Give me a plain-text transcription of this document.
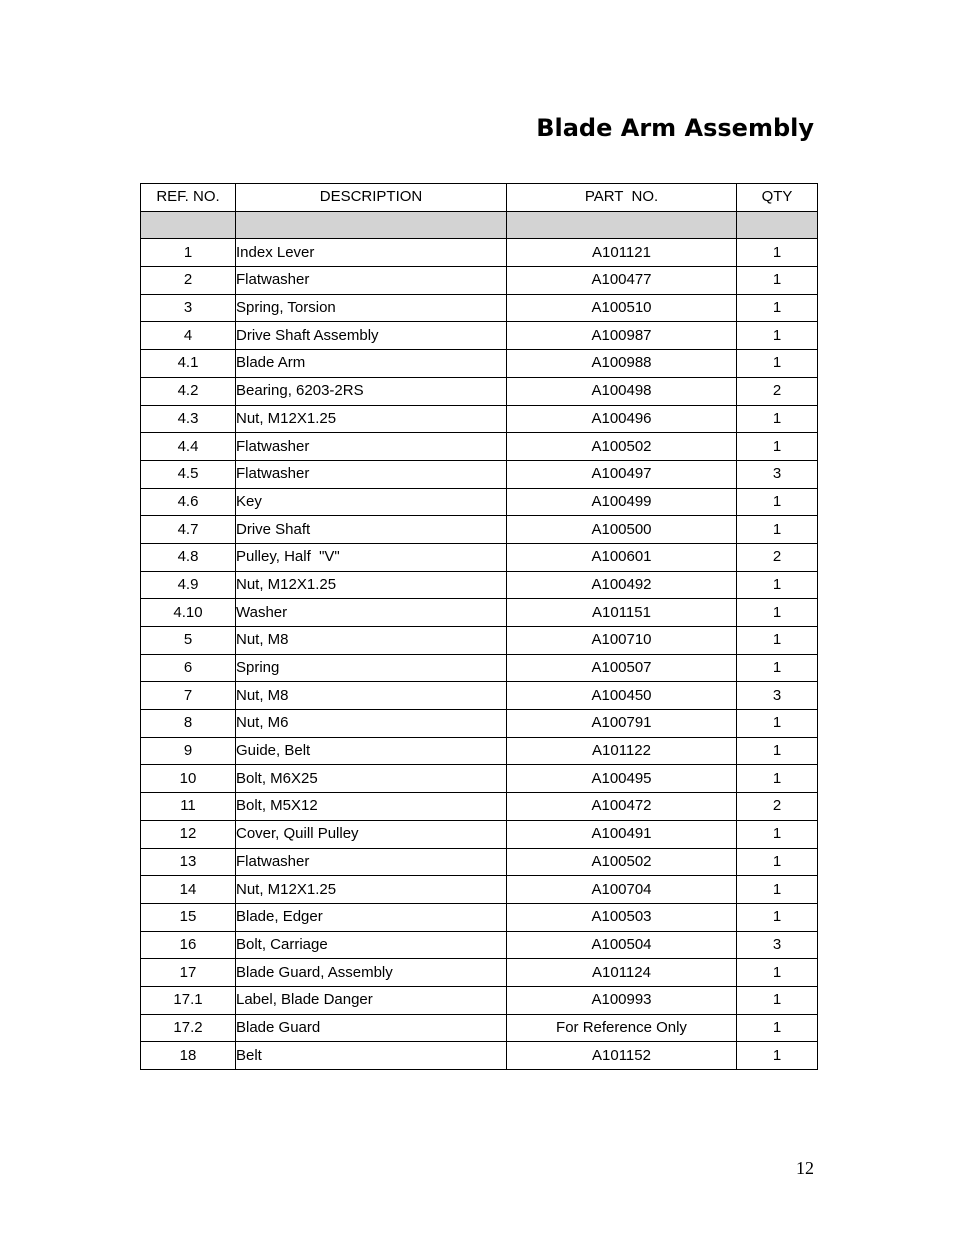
Blade Arm Assembly
REF. NO.	DESCRIPTION	PART  NO.	QTY

1	Index Lever	A101121	1
2	Flatwasher	A100477	1
3	Spring, Torsion	A100510	1
4	Drive Shaft Assembly	A100987	1
4.1	Blade Arm	A100988	1
4.2	Bearing, 6203-2RS	A100498	2
4.3	Nut, M12X1.25	A100496	1
4.4	Flatwasher	A100502	1
4.5	Flatwasher	A100497	3
4.6	Key	A100499	1
4.7	Drive Shaft	A100500	1
4.8	Pulley, Half  "V"	A100601	2
4.9	Nut, M12X1.25	A100492	1
4.10	Washer	A101151	1
5	Nut, M8	A100710	1
6	Spring	A100507	1
7	Nut, M8	A100450	3
8	Nut, M6	A100791	1
9	Guide, Belt	A101122	1
10	Bolt, M6X25	A100495	1
11	Bolt, M5X12	A100472	2
12	Cover, Quill Pulley	A100491	1
13	Flatwasher	A100502	1
14	Nut, M12X1.25	A100704	1
15	Blade, Edger	A100503	1
16	Bolt, Carriage	A100504	3
17	Blade Guard, Assembly	A101124	1
17.1	Label, Blade Danger	A100993	1
17.2	Blade Guard	For Reference Only	1
18	Belt	A101152	1
12
